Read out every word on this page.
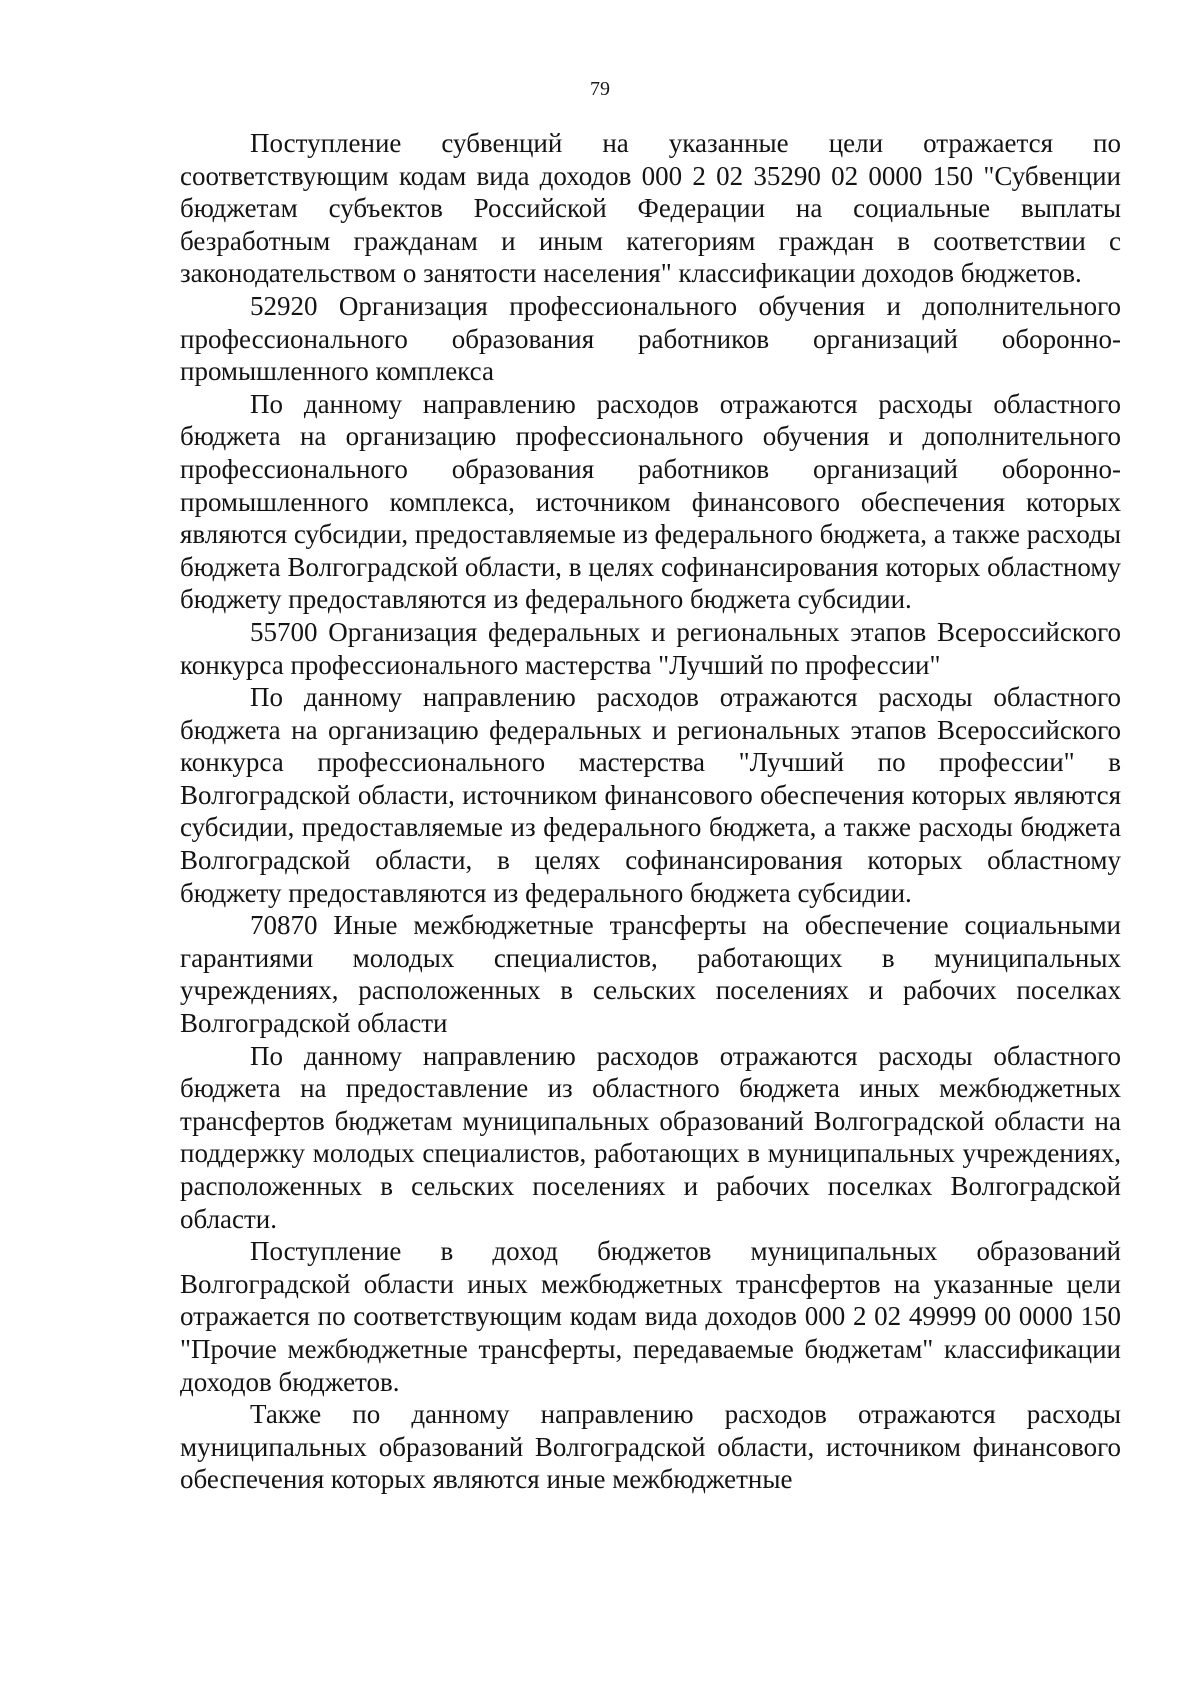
79

Поступление субвенций на указанные цели отражается по соответствующим кодам вида доходов 000 2 02 35290 02 0000 150 "Субвенции бюджетам субъектов Российской Федерации на социальные выплаты безработным гражданам и иным категориям граждан в соответствии с законодательством о занятости населения" классификации доходов бюджетов.

52920 Организация профессионального обучения и дополнительного профессионального образования работников организаций оборонно-промышленного комплекса

По данному направлению расходов отражаются расходы областного бюджета на организацию профессионального обучения и дополнительного профессионального образования работников организаций оборонно-промышленного комплекса, источником финансового обеспечения которых являются субсидии, предоставляемые из федерального бюджета, а также расходы бюджета Волгоградской области, в целях софинансирования которых областному бюджету предоставляются из федерального бюджета субсидии.

55700 Организация федеральных и региональных этапов Всероссийского конкурса профессионального мастерства "Лучший по профессии"

По данному направлению расходов отражаются расходы областного бюджета на организацию федеральных и региональных этапов Всероссийского конкурса профессионального мастерства "Лучший по профессии" в Волгоградской области, источником финансового обеспечения которых являются субсидии, предоставляемые из федерального бюджета, а также расходы бюджета Волгоградской области, в целях софинансирования которых областному бюджету предоставляются из федерального бюджета субсидии.

70870 Иные межбюджетные трансферты на обеспечение социальными гарантиями молодых специалистов, работающих в муниципальных учреждениях, расположенных в сельских поселениях и рабочих поселках Волгоградской области

По данному направлению расходов отражаются расходы областного бюджета на предоставление из областного бюджета иных межбюджетных трансфертов бюджетам муниципальных образований Волгоградской области на поддержку молодых специалистов, работающих в муниципальных учреждениях, расположенных в сельских поселениях и рабочих поселках Волгоградской области.

Поступление в доход бюджетов муниципальных образований Волгоградской области иных межбюджетных трансфертов на указанные цели отражается по соответствующим кодам вида доходов 000 2 02 49999 00 0000 150 "Прочие межбюджетные трансферты, передаваемые бюджетам" классификации доходов бюджетов.

Также по данному направлению расходов отражаются расходы муниципальных образований Волгоградской области, источником финансового обеспечения которых являются иные межбюджетные
